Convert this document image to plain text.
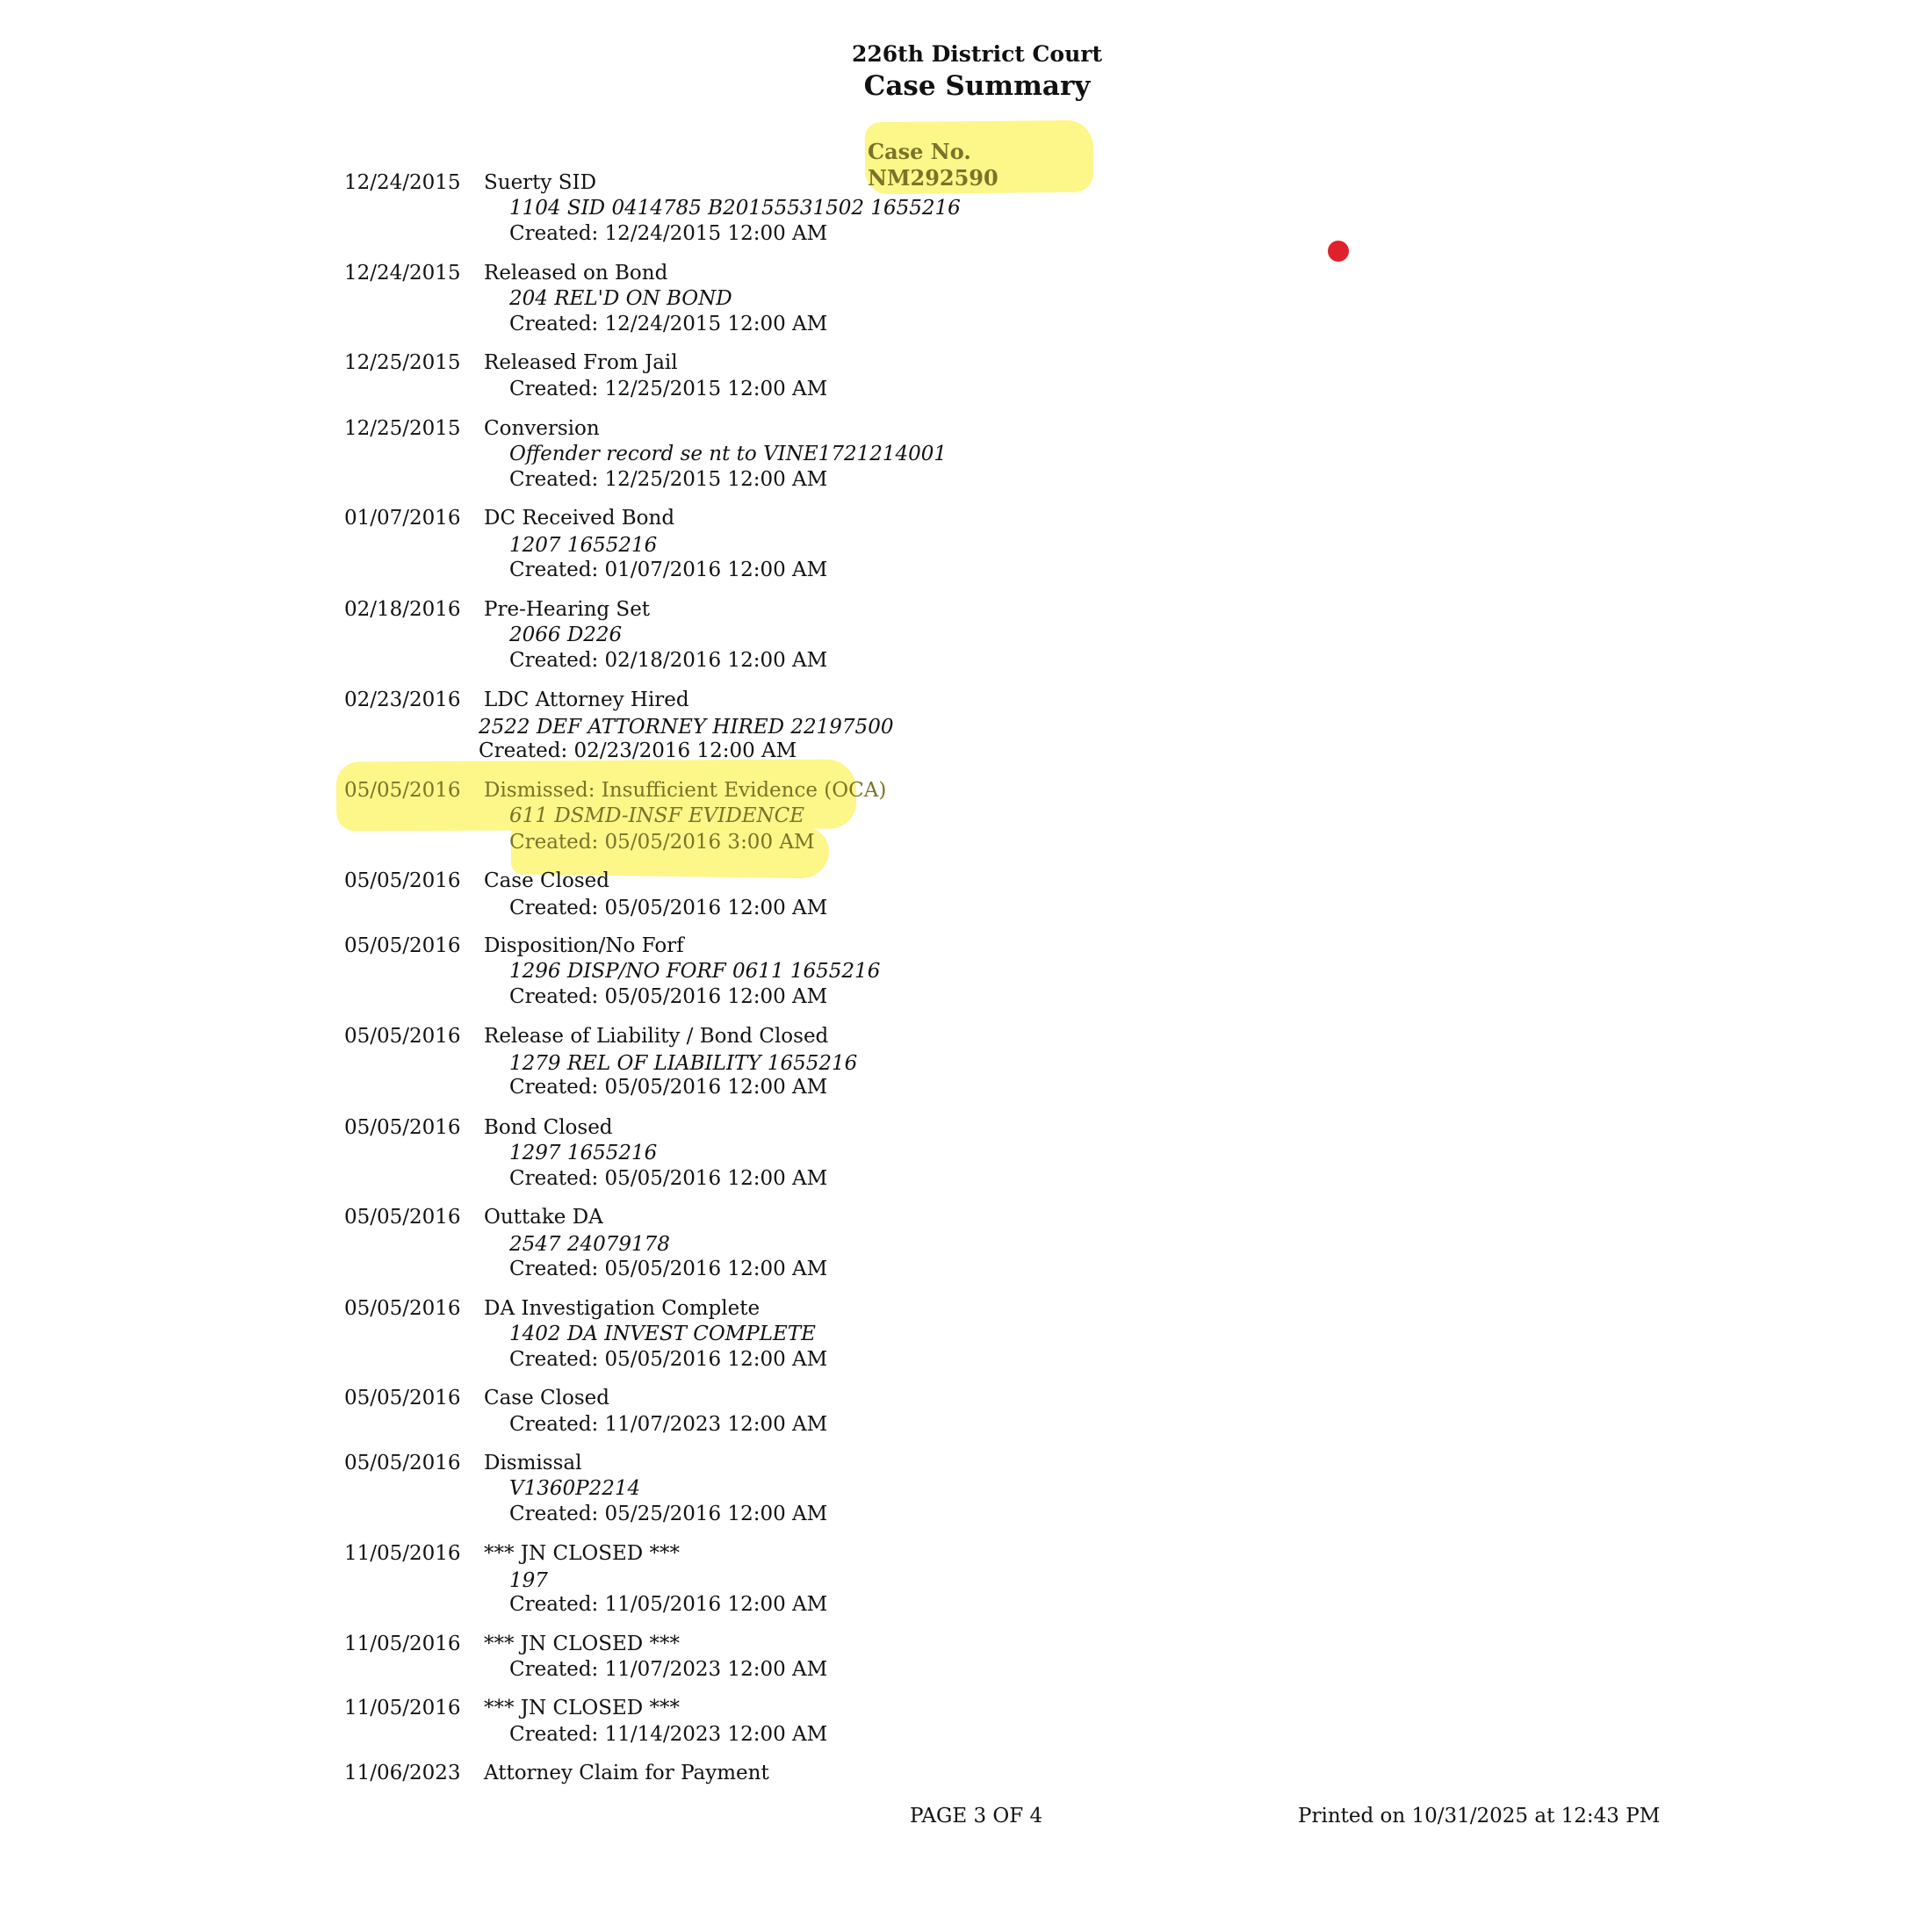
226th District Court
Case Summary
Case No. NM292590
12/24/2015 Suerty SID
1104 SID 0414785 B20155531502 1655216
Created: 12/24/2015 12:00 AM
12/24/2015 Released on Bond
204 REL'D ON BOND
Created: 12/24/2015 12:00 AM
12/25/2015 Released From Jail
Created: 12/25/2015 12:00 AM
12/25/2015 Conversion
Offender record se nt to VINE1721214001
Created: 12/25/2015 12:00 AM
01/07/2016 DC Received Bond
1207 1655216
Created: 01/07/2016 12:00 AM
02/18/2016 Pre-Hearing Set
2066 D226
Created: 02/18/2016 12:00 AM
02/23/2016 LDC Attorney Hired
2522 DEF ATTORNEY HIRED 22197500
Created: 02/23/2016 12:00 AM
05/05/2016 Dismissed: Insufficient Evidence (OCA)
611 DSMD-INSF EVIDENCE
Created: 05/05/2016 3:00 AM
05/05/2016 Case Closed
Created: 05/05/2016 12:00 AM
05/05/2016 Disposition/No Forf
1296 DISP/NO FORF 0611 1655216
Created: 05/05/2016 12:00 AM
05/05/2016 Release of Liability / Bond Closed
1279 REL OF LIABILITY 1655216
Created: 05/05/2016 12:00 AM
05/05/2016 Bond Closed
1297 1655216
Created: 05/05/2016 12:00 AM
05/05/2016 Outtake DA
2547 24079178
Created: 05/05/2016 12:00 AM
05/05/2016 DA Investigation Complete
1402 DA INVEST COMPLETE
Created: 05/05/2016 12:00 AM
05/05/2016 Case Closed
Created: 11/07/2023 12:00 AM
05/05/2016 Dismissal
V1360P2214
Created: 05/25/2016 12:00 AM
11/05/2016 *** JN CLOSED ***
197
Created: 11/05/2016 12:00 AM
11/05/2016 *** JN CLOSED ***
Created: 11/07/2023 12:00 AM
11/05/2016 *** JN CLOSED ***
Created: 11/14/2023 12:00 AM
11/06/2023 Attorney Claim for Payment
PAGE 3 OF 4	Printed on 10/31/2025 at 12:43 PM
